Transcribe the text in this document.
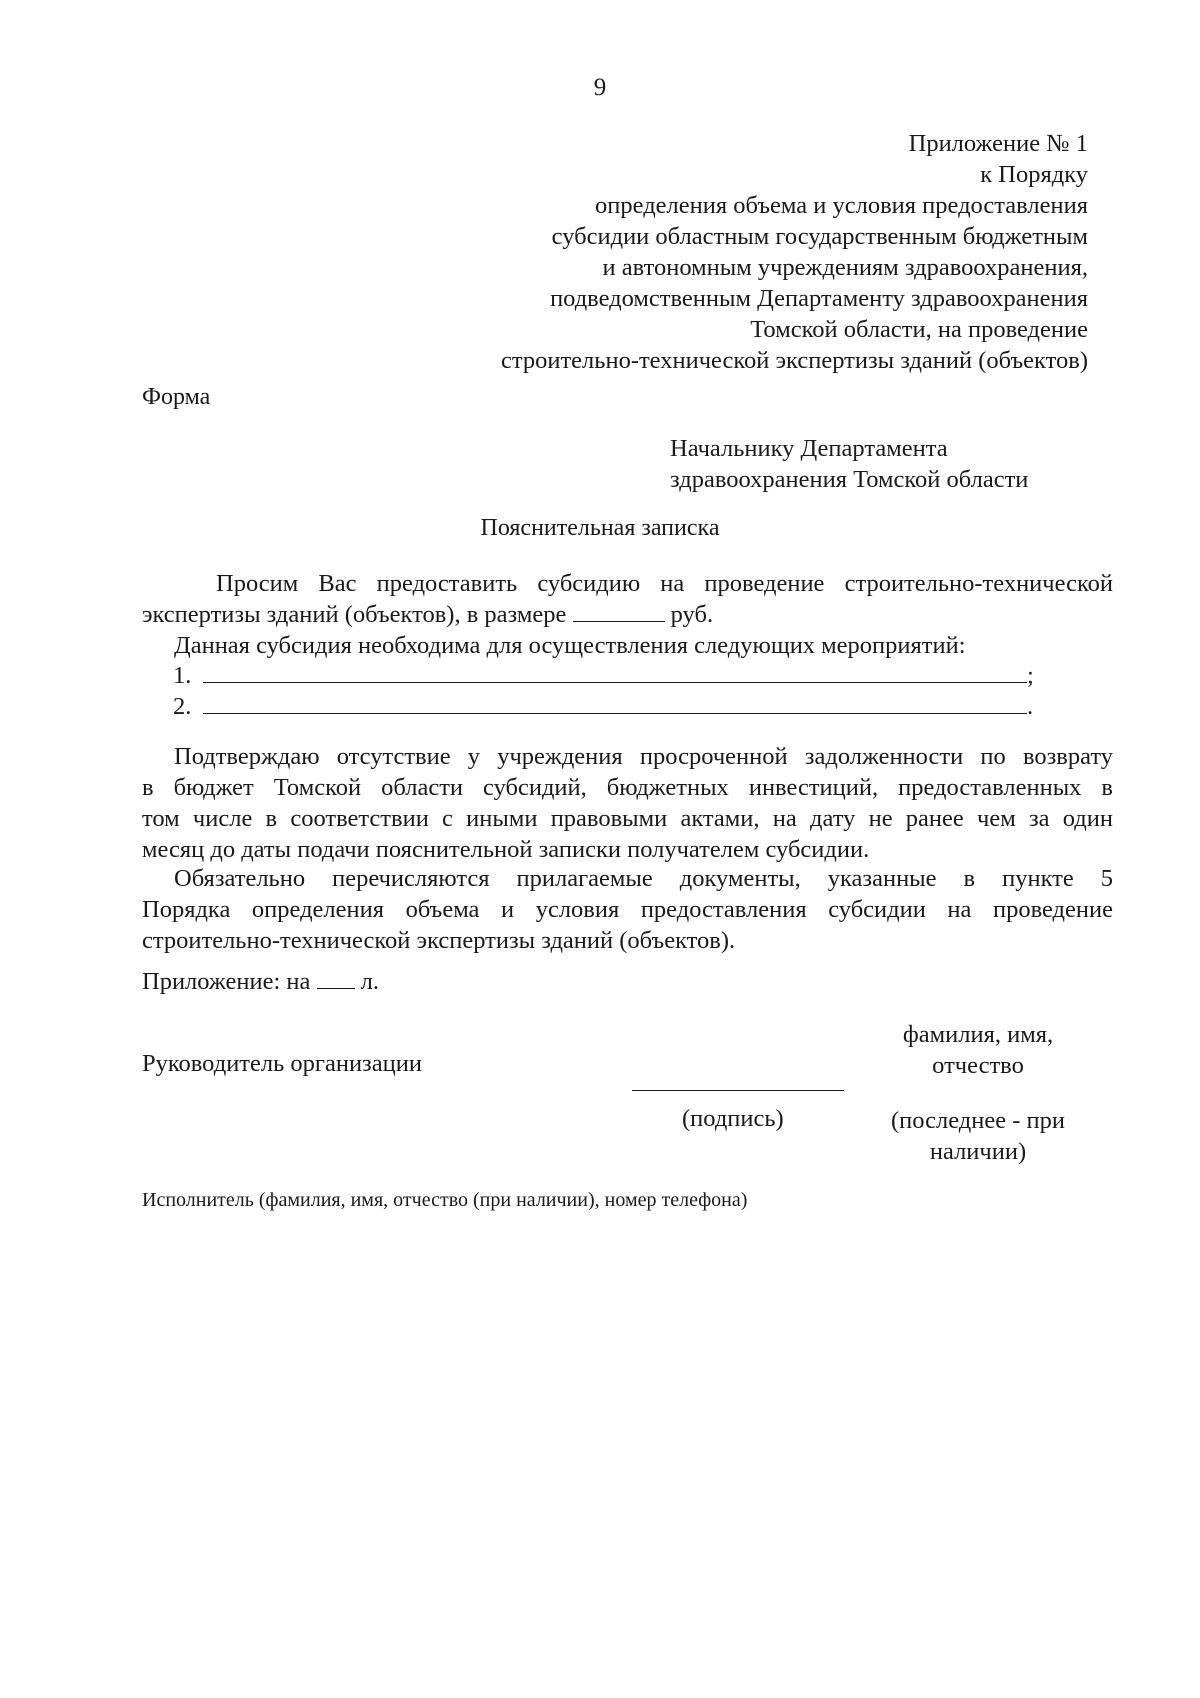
9
Приложение № 1
к Порядку
определения объема и условия предоставления
субсидии областным государственным бюджетным
и автономным учреждениям здравоохранения,
подведомственным Департаменту здравоохранения
Томской области, на проведение
строительно-технической экспертизы зданий (объектов)
Форма
Начальнику Департамента
здравоохранения Томской области
Пояснительная записка
Просим Вас предоставить субсидию на проведение строительно-технической
экспертизы зданий (объектов), в размере	руб.
Данная субсидия необходима для осуществления следующих мероприятий:
1.	;
2.	.
Подтверждаю отсутствие у учреждения просроченной задолженности по возврату
в бюджет Томской области субсидий, бюджетных инвестиций, предоставленных в
том числе в соответствии с иными правовыми актами, на дату не ранее чем за один
месяц до даты подачи пояснительной записки получателем субсидии.
Обязательно перечисляются прилагаемые документы, указанные в пункте 5
Порядка определения объема и условия предоставления субсидии на проведение
строительно-технической экспертизы зданий (объектов).
Приложение: на л.
Руководитель организации
(подпись)
фамилия, имя,
отчество
(последнее - при
наличии)
Исполнитель (фамилия, имя, отчество (при наличии), номер телефона)
